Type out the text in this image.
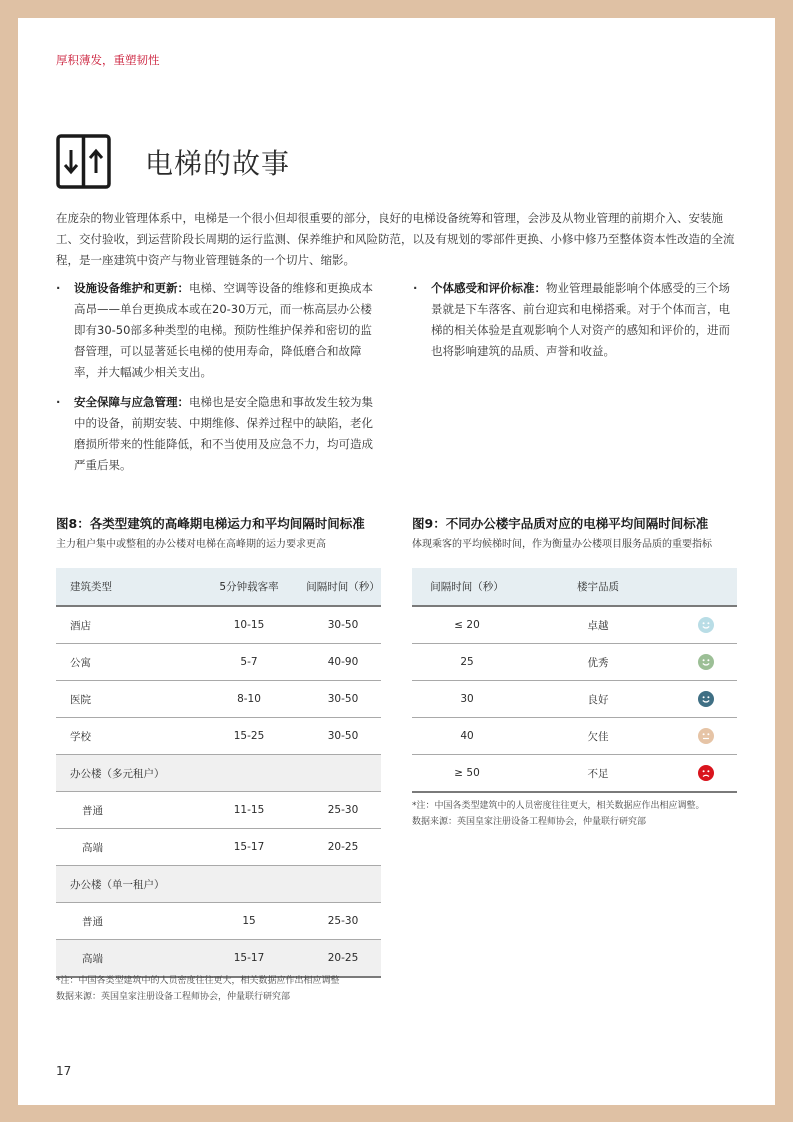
厚积薄发，重塑韧性
电梯的故事
在庞杂的物业管理体系中，电梯是一个很小但却很重要的部分，良好的电梯设备统筹和管理，会涉及从物业管理的前期介入、安装施工、交付验收，到运营阶段长周期的运行监测、保养维护和风险防范，以及有规划的零部件更换、小修中修乃至整体资本性改造的全流程，是一座建筑中资产与物业管理链条的一个切片、缩影。
· 设施设备维护和更新：电梯、空调等设备的维修和更换成本高昂——单台更换成本或在20-30万元，而一栋高层办公楼即有30-50部多种类型的电梯。预防性维护保养和密切的监督管理，可以显著延长电梯的使用寿命，降低磨合和故障率，并大幅减少相关支出。
· 安全保障与应急管理：电梯也是安全隐患和事故发生较为集中的设备，前期安装、中期维修、保养过程中的缺陷，老化磨损所带来的性能降低，和不当使用及应急不力，均可造成严重后果。
· 个体感受和评价标准：物业管理最能影响个体感受的三个场景就是下车落客、前台迎宾和电梯搭乘。对于个体而言，电梯的相关体验是直观影响个人对资产的感知和评价的，进而也将影响建筑的品质、声誉和收益。
图8：各类型建筑的高峰期电梯运力和平均间隔时间标准
主力租户集中或整租的办公楼对电梯在高峰期的运力要求更高
建筑类型	5分钟载客率	间隔时间（秒）
酒店	10-15	30-50
公寓	5-7	40-90
医院	8-10	30-50
学校	15-25	30-50
办公楼（多元租户）		
普通	11-15	25-30
高端	15-17	20-25
办公楼（单一租户）		
普通	15	25-30
高端	15-17	20-25
*注：中国各类型建筑中的人员密度往往更大，相关数据应作出相应调整
数据来源：英国皇家注册设备工程师协会，仲量联行研究部
图9：不同办公楼宇品质对应的电梯平均间隔时间标准
体现乘客的平均候梯时间，作为衡量办公楼项目服务品质的重要指标
间隔时间（秒）	楼宇品质	
≤ 20	卓越	

25	优秀	

30	良好	

40	欠佳	

≥ 50	不足	
*注：中国各类型建筑中的人员密度往往更大，相关数据应作出相应调整。
数据来源：英国皇家注册设备工程师协会，仲量联行研究部
17
